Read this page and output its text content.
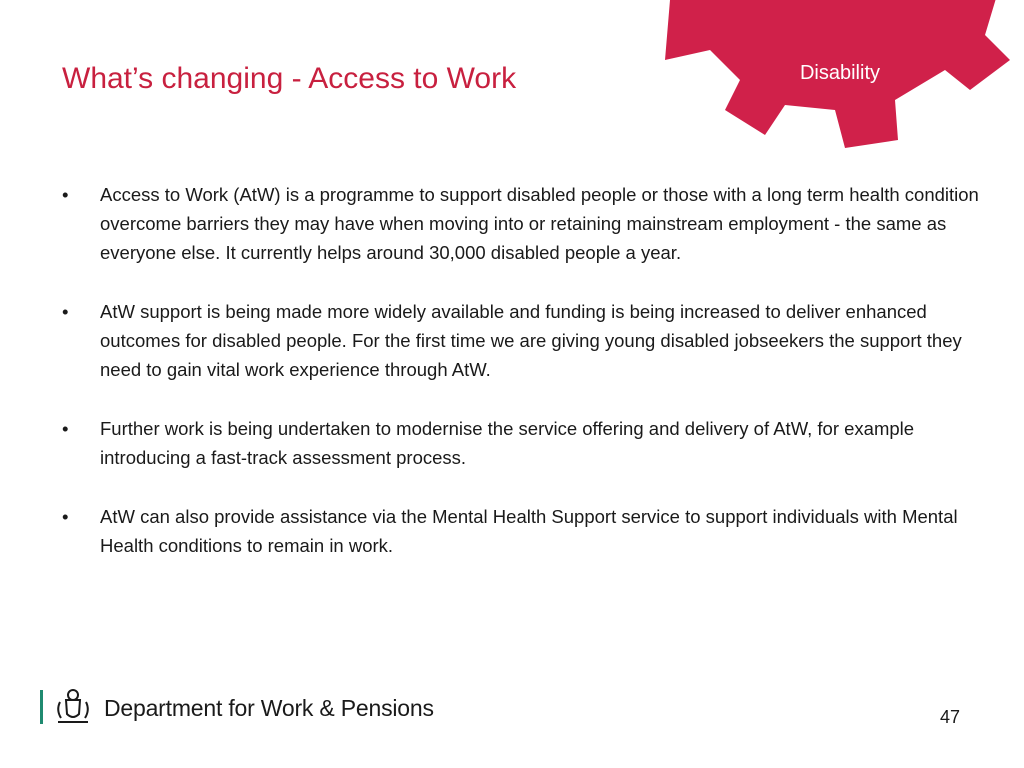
Disability
What’s changing - Access to Work
• Access to Work (AtW) is a programme to support disabled people or those with a long term health condition overcome barriers they may have when moving into or retaining mainstream employment - the same as everyone else. It currently helps around 30,000 disabled people a year.
• AtW support is being made more widely available and funding is being increased to deliver enhanced outcomes for disabled people. For the first time we are giving young disabled jobseekers the support they need to gain vital work experience through AtW.
• Further work is being undertaken to modernise the service offering and delivery of AtW, for example introducing a fast-track assessment process.
• AtW can also provide assistance via the Mental Health Support service to support individuals with Mental Health conditions to remain in work.
Department for Work & Pensions	47
